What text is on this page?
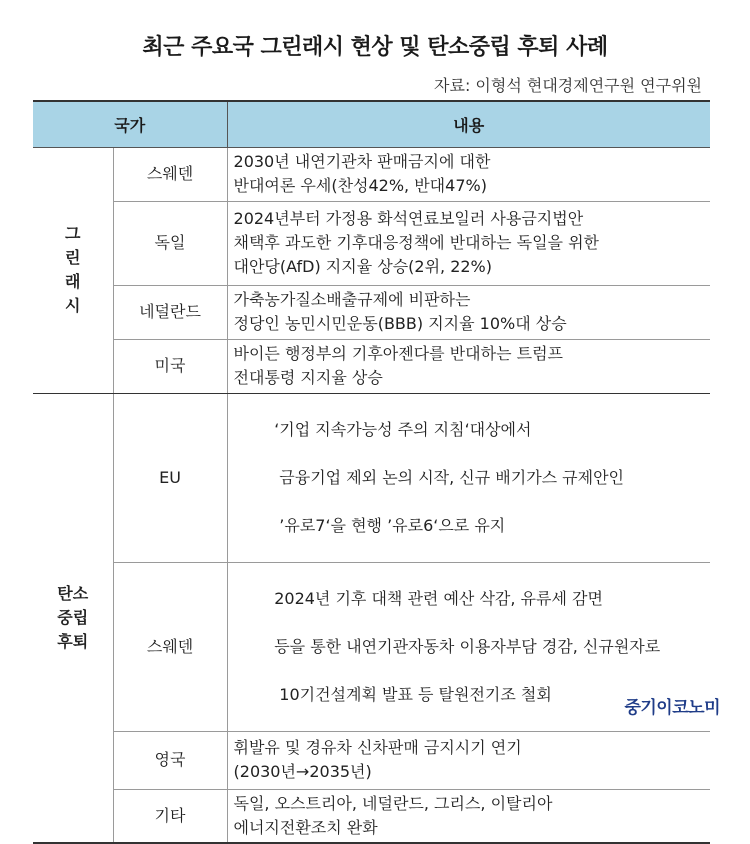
최근 주요국 그린래시 현상 및 탄소중립 후퇴 사례
자료: 이형석 현대경제연구원 연구위원
국가		내용
그
린
래
시	스웨덴	2030년 내연기관차 판매금지에 대한
반대여론 우세(찬성42%, 반대47%)
	독일	2024년부터 가정용 화석연료보일러 사용금지법안
채택후 과도한 기후대응정책에 반대하는 독일을 위한
대안당(AfD) 지지율 상승(2위, 22%)
	네덜란드	가축농가질소배출규제에 비판하는
정당인 농민시민운동(BBB) 지지율 10%대 상승
	미국	바이든 행정부의 기후아젠다를 반대하는 트럼프
전대통령 지지율 상승
탄소
중립
후퇴	EU	‘기업 지속가능성 주의 지침‘대상에서

금융기업 제외 논의 시작, 신규 배기가스 규제안인

’유로7‘을 현행 ’유로6‘으로 유지

	스웨덴	2024년 기후 대책 관련 예산 삭감, 유류세 감면

등을 통한 내연기관자동차 이용자부담 경감, 신규원자로

10기건설계획 발표 등 탈원전기조 철회

	영국	휘발유 및 경유차 신차판매 금지시기 연기
(2030년→2035년)
	기타	독일, 오스트리아, 네덜란드, 그리스, 이탈리아
에너지전환조치 완화
중기이코노미
